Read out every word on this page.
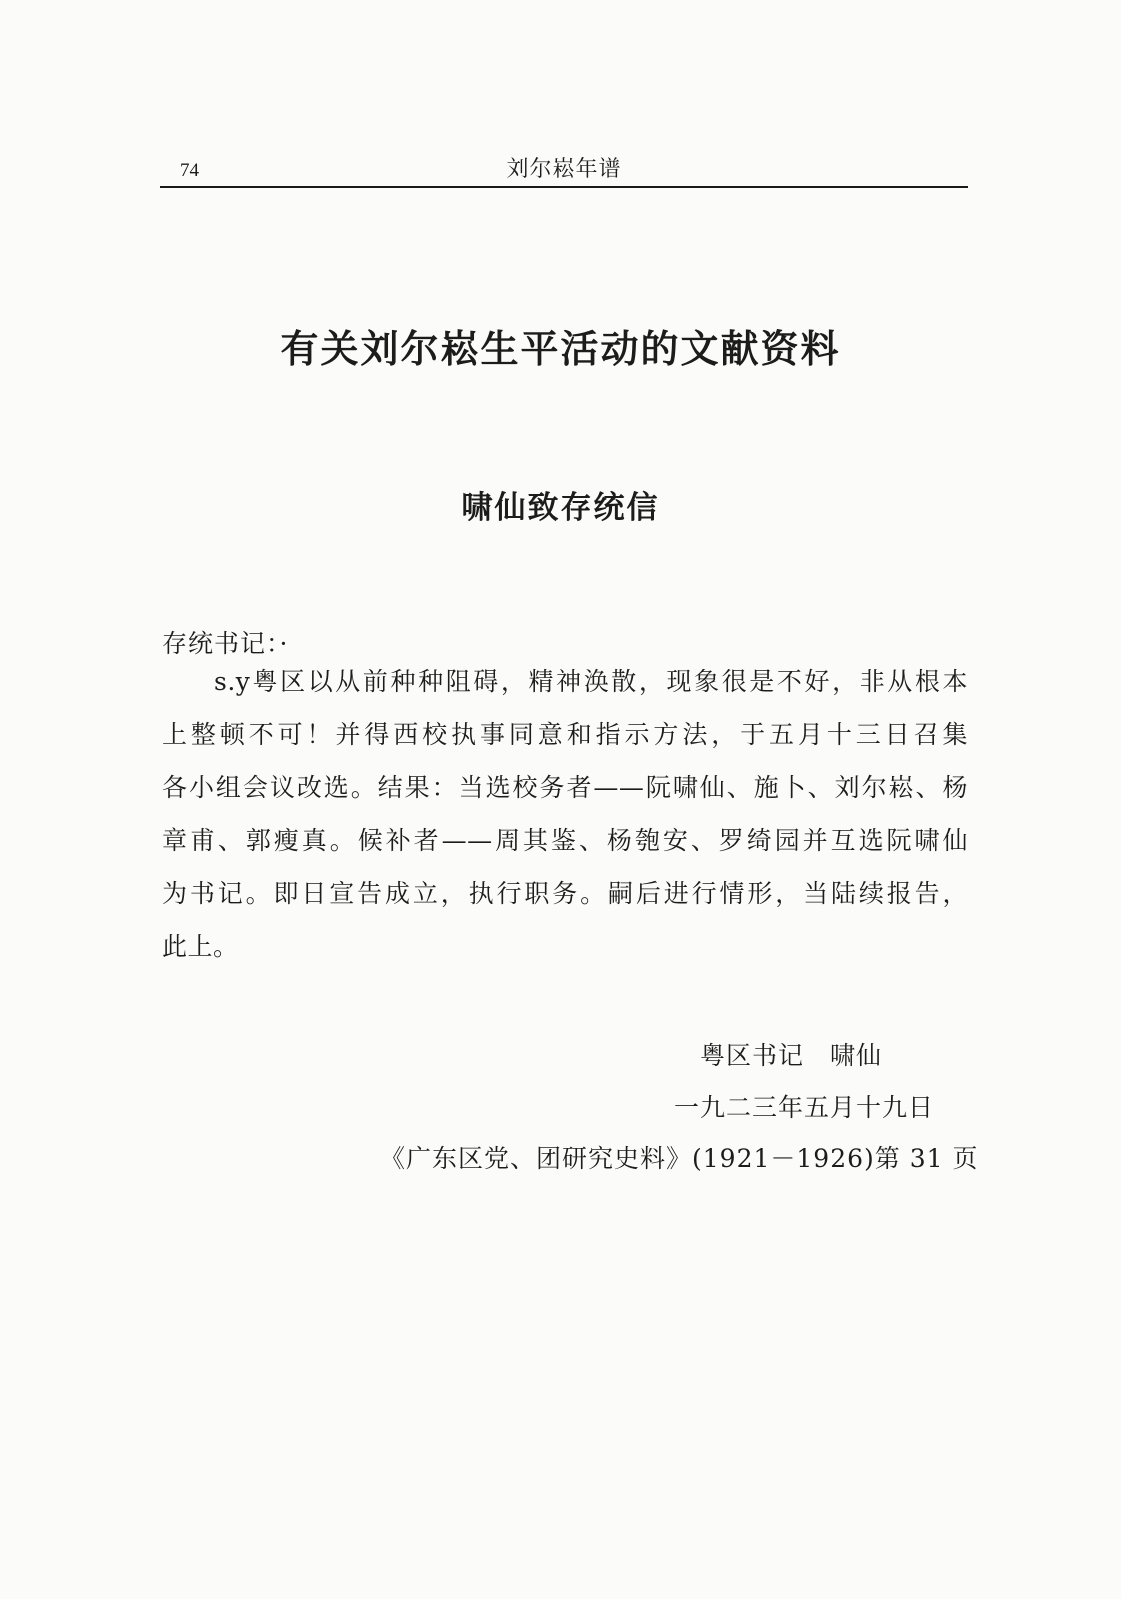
74	刘尔崧年谱
有关刘尔崧生平活动的文献资料
啸仙致存统信
存统书记：·
s.y粤区以从前种种阻碍，精神涣散，现象很是不好，非从根本
上整顿不可！并得西校执事同意和指示方法，于五月十三日召集
各小组会议改选。结果：当选校务者——阮啸仙、施卜、刘尔崧、杨
章甫、郭瘦真。候补者——周其鉴、杨匏安、罗绮园并互选阮啸仙
为书记。即日宣告成立，执行职务。嗣后进行情形，当陆续报告，
此上。
粤区书记　啸仙
一九二三年五月十九日
《广东区党、团研究史料》(1921－1926)第 31 页
